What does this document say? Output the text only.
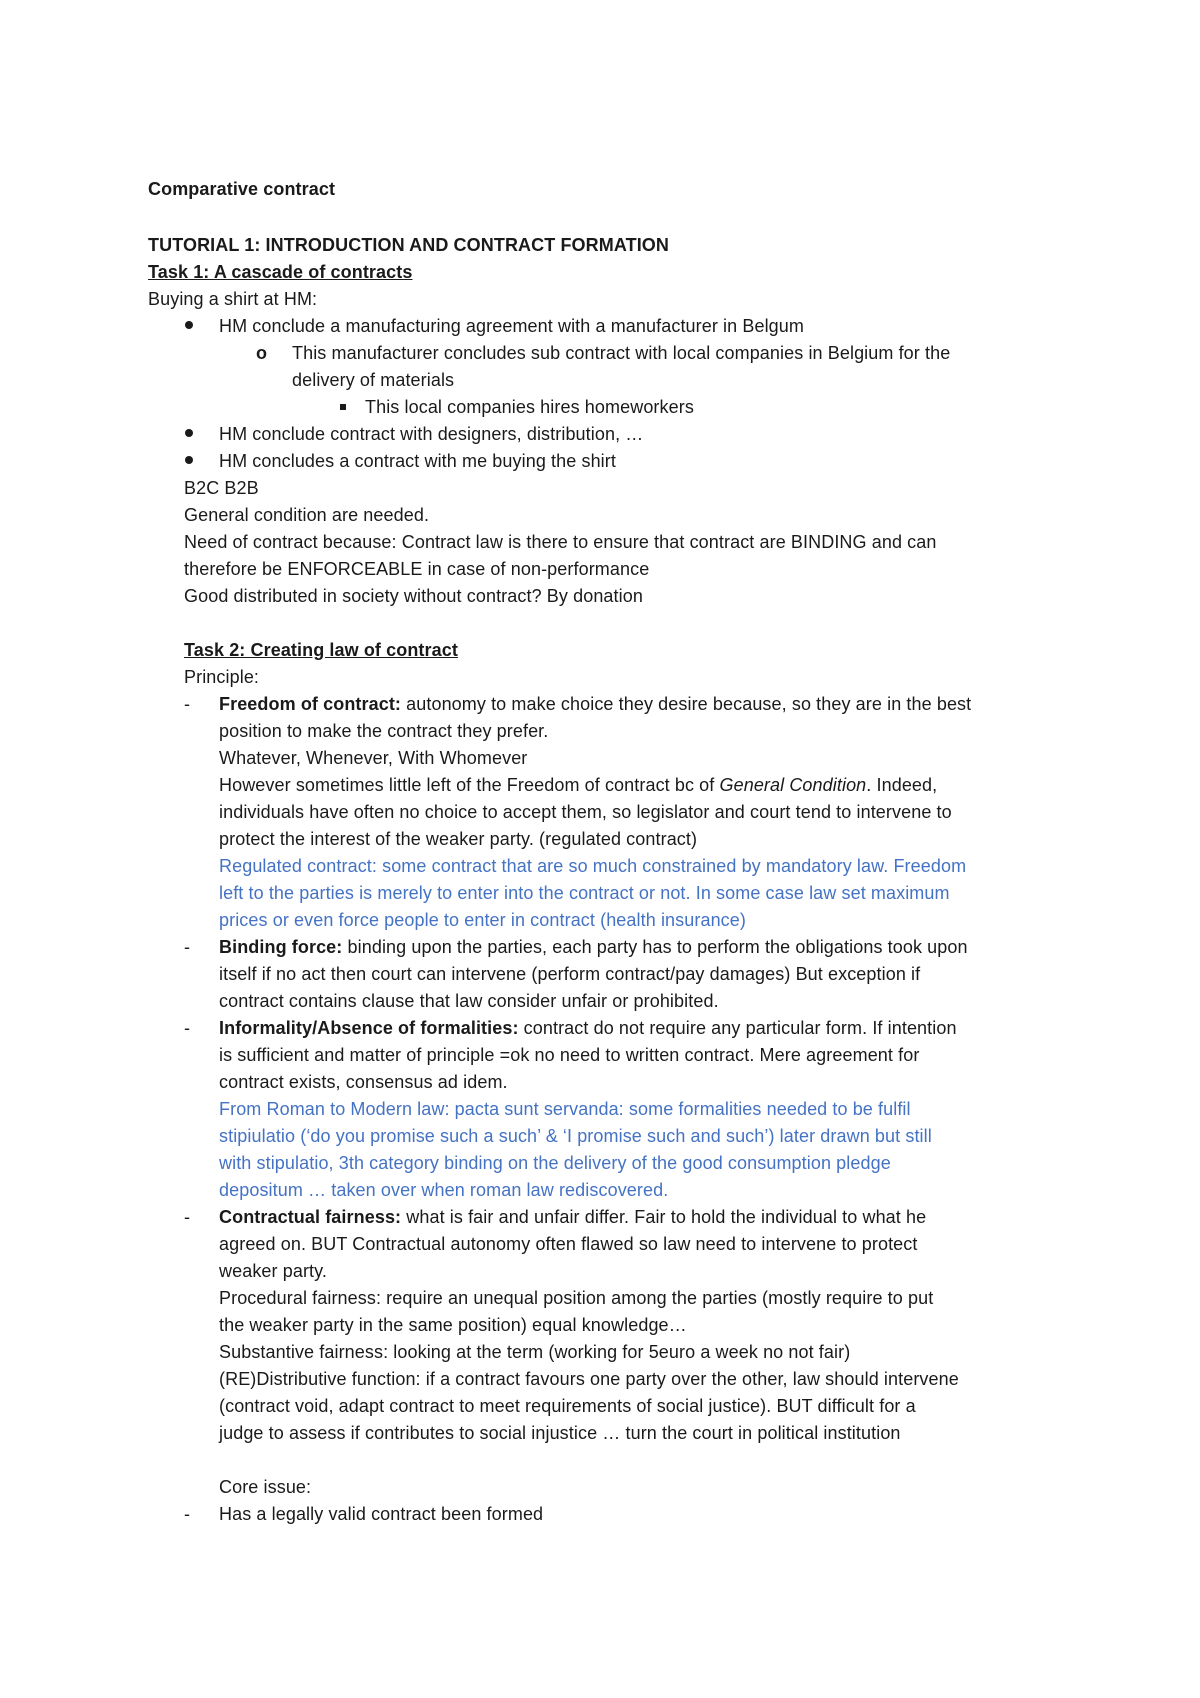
Comparative contract
TUTORIAL 1: INTRODUCTION AND CONTRACT FORMATION
Task 1: A cascade of contracts
Buying a shirt at HM:
HM conclude a manufacturing agreement with a manufacturer in Belgum
o This manufacturer concludes sub contract with local companies in Belgium for the
delivery of materials
This local companies hires homeworkers
HM conclude contract with designers, distribution, …
HM concludes a contract with me buying the shirt
B2C B2B
General condition are needed.
Need of contract because: Contract law is there to ensure that contract are BINDING and can
therefore be ENFORCEABLE in case of non-performance
Good distributed in society without contract? By donation
Task 2: Creating law of contract
Principle:
- Freedom of contract: autonomy to make choice they desire because, so they are in the best
position to make the contract they prefer.
Whatever, Whenever, With Whomever
However sometimes little left of the Freedom of contract bc of General Condition. Indeed,
individuals have often no choice to accept them, so legislator and court tend to intervene to
protect the interest of the weaker party. (regulated contract)
Regulated contract: some contract that are so much constrained by mandatory law. Freedom
left to the parties is merely to enter into the contract or not. In some case law set maximum
prices or even force people to enter in contract (health insurance)
- Binding force: binding upon the parties, each party has to perform the obligations took upon
itself if no act then court can intervene (perform contract/pay damages) But exception if
contract contains clause that law consider unfair or prohibited.
- Informality/Absence of formalities: contract do not require any particular form. If intention
is sufficient and matter of principle =ok no need to written contract. Mere agreement for
contract exists, consensus ad idem.
From Roman to Modern law: pacta sunt servanda: some formalities needed to be fulfil
stipiulatio (‘do you promise such a such’ & ‘I promise such and such’) later drawn but still
with stipulatio, 3th category binding on the delivery of the good consumption pledge
depositum … taken over when roman law rediscovered.
- Contractual fairness: what is fair and unfair differ. Fair to hold the individual to what he
agreed on. BUT Contractual autonomy often flawed so law need to intervene to protect
weaker party.
Procedural fairness: require an unequal position among the parties (mostly require to put
the weaker party in the same position) equal knowledge…
Substantive fairness: looking at the term (working for 5euro a week no not fair)
(RE)Distributive function: if a contract favours one party over the other, law should intervene
(contract void, adapt contract to meet requirements of social justice). BUT difficult for a
judge to assess if contributes to social injustice … turn the court in political institution
Core issue:
- Has a legally valid contract been formed
